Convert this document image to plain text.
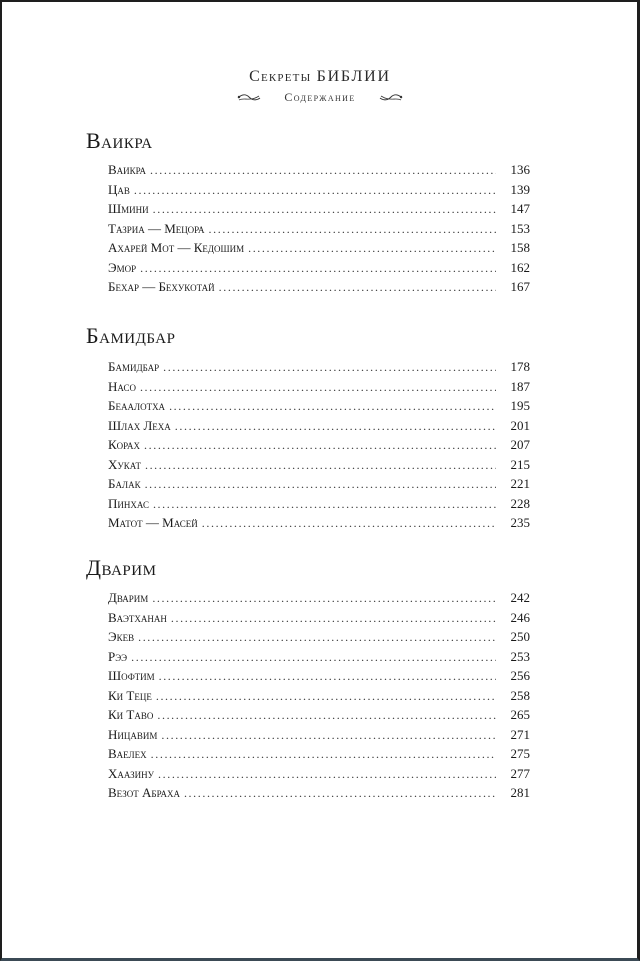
Секреты БИБЛИИ
Содержание
Ваикра
Ваикра . . .	136
Цав . . .	139
Шмини . . .	147
Тазриа — Мецора . . .	153
Ахарей Мот — Кедошим . . .	158
Эмор . . .	162
Бехар — Бехукотай . . .	167
Бамидбар
Бамидбар . . .	178
Насо . . .	187
Беаалотха . . .	195
Шлах Леха . . .	201
Корах . . .	207
Хукат . . .	215
Балак . . .	221
Пинхас . . .	228
Матот — Масей . . .	235
Дварим
Дварим . . .	242
Ваэтханан . . .	246
Экев . . .	250
Рээ . . .	253
Шофтим . . .	256
Ки Теце . . .	258
Ки Таво . . .	265
Ницавим . . .	271
Ваелех . . .	275
Хаазину . . .	277
Везот Абраха . . .	281
